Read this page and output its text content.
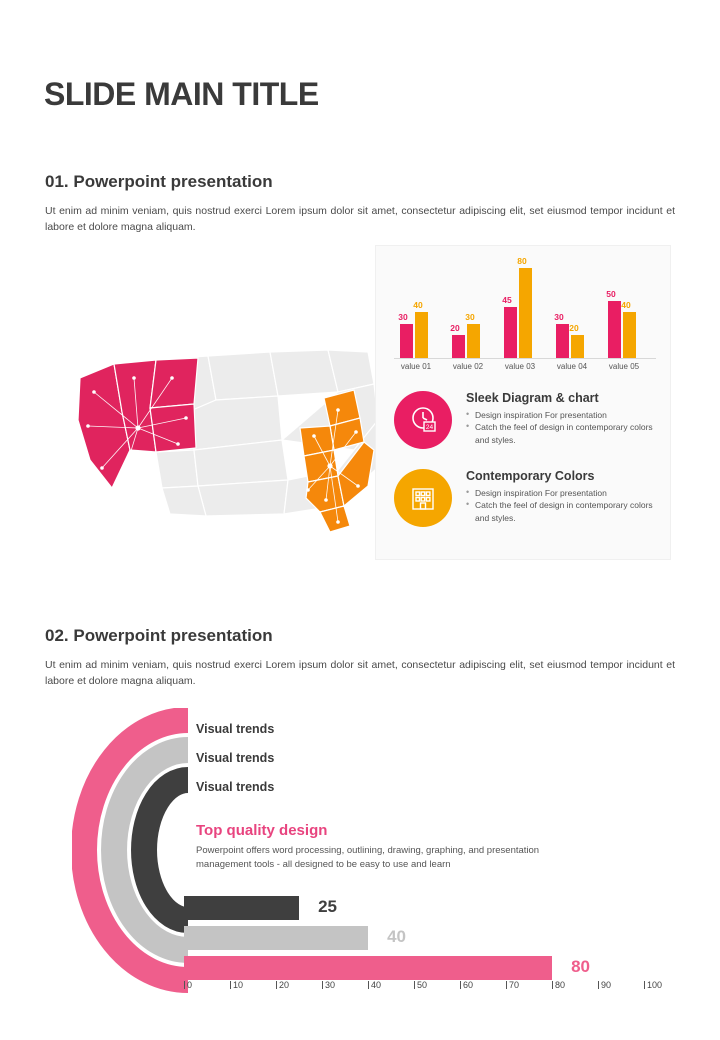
SLIDE MAIN TITLE
01. Powerpoint presentation
Ut enim ad minim veniam, quis nostrud exerci Lorem ipsum dolor sit amet, consectetur adipiscing elit, set eiusmod tempor incidunt et labore et dolore magna aliquam.
30
40
20
30
45
80
30
20
50
40
value 01	value 02	value 03	value 04	value 05
24
Sleek Diagram & chart
• Design inspiration For presentation
• Catch the feel of design in contemporary colors and styles.
Contemporary Colors
• Design inspiration For presentation
• Catch the feel of design in contemporary colors and styles.
02. Powerpoint presentation
Ut enim ad minim veniam, quis nostrud exerci Lorem ipsum dolor sit amet, consectetur adipiscing elit, set eiusmod tempor incidunt et labore et dolore magna aliquam.
Visual trends
Visual trends
Visual trends
Top quality design
Powerpoint offers word processing, outlining, drawing, graphing, and presentation management tools - all designed to be easy to use and learn
25
40
80
0	10	20	30	40	50	60	70	80	90	100
